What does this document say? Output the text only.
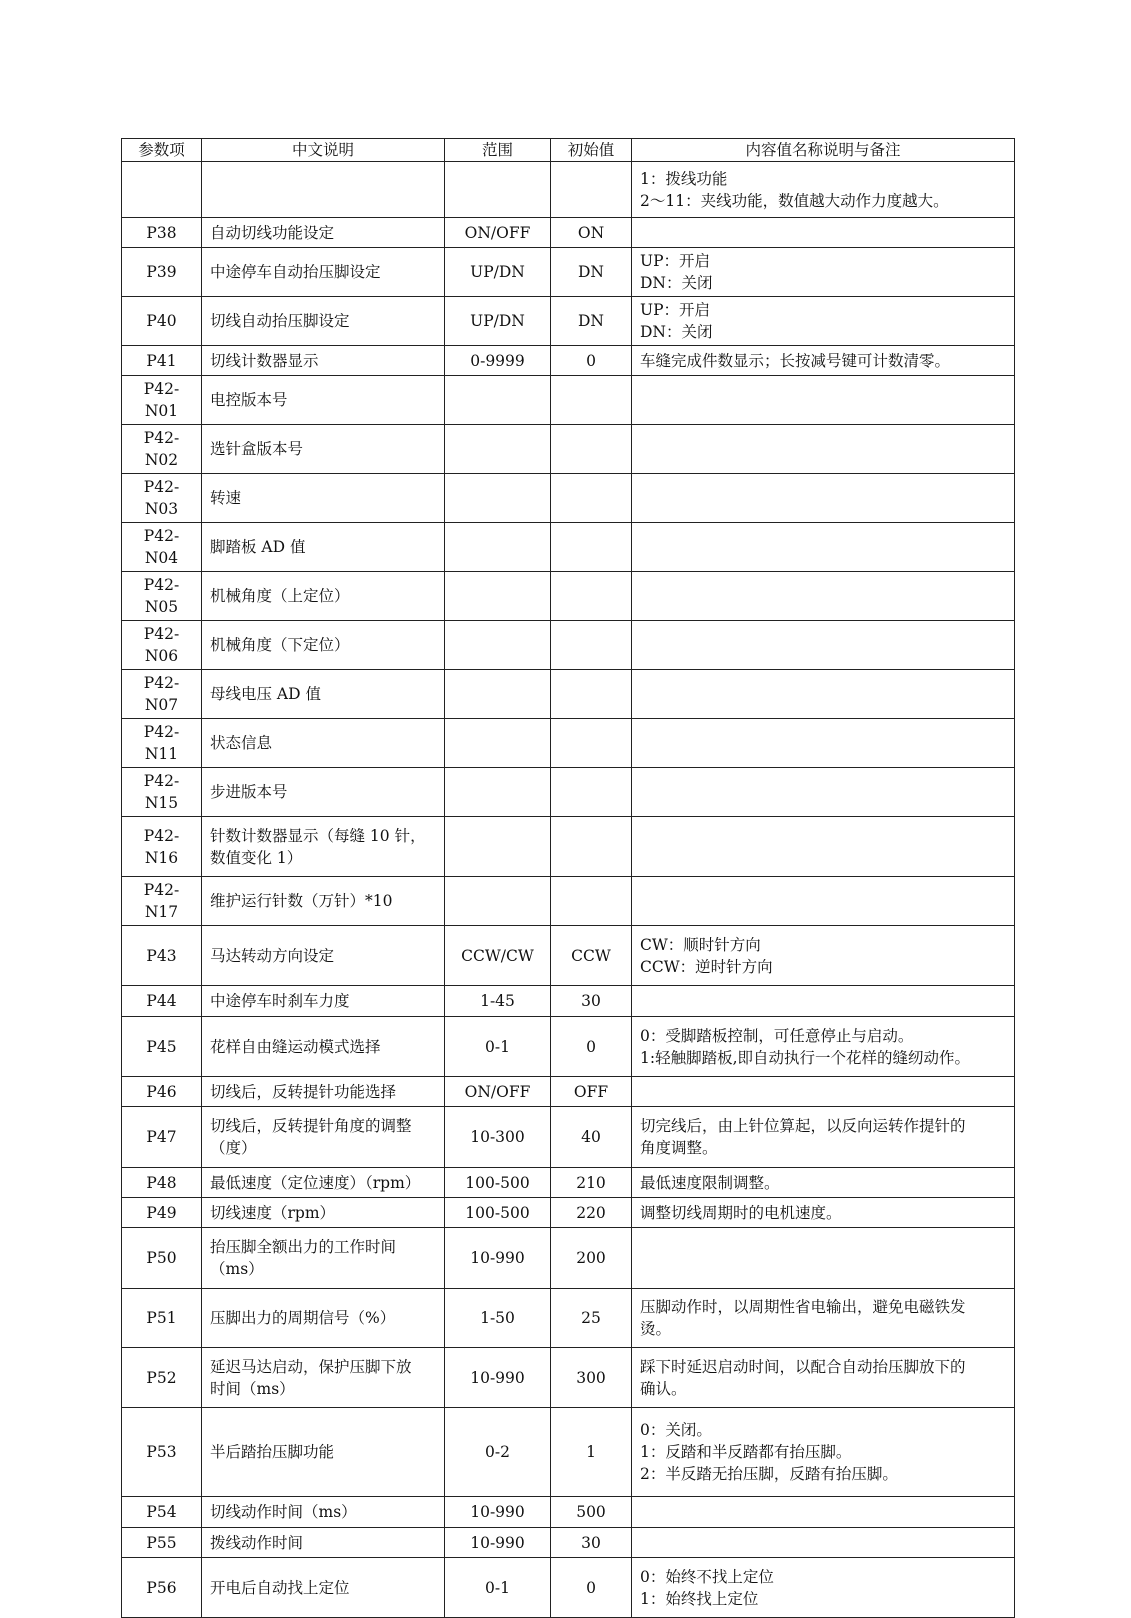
参数项	中文说明	范围	初始值	内容值名称说明与备注

				1：拨线功能
2～11：夹线功能，数值越大动作力度越大。

P38	自动切线功能设定	ON/OFF	ON	
P39	中途停车自动抬压脚设定	UP/DN	DN	UP：开启
DN：关闭

P40	切线自动抬压脚设定	UP/DN	DN	UP：开启
DN：关闭

P41	切线计数器显示	0-9999	0	车缝完成件数显示；长按减号键可计数清零。

P42-N01	电控版本号			

P42-N02	选针盒版本号			

P42-N03	转速			

P42-N04	脚踏板 AD 值			

P42-N05	机械角度（上定位）			

P42-N06	机械角度（下定位）			

P42-N07	母线电压 AD 值			

P42-N11	状态信息			

P42-N15	步进版本号			

P42-N16	针数计数器显示（每缝 10 针，
数值变化 1）			

P42-N17	维护运行针数（万针）*10			

P43	马达转动方向设定	CCW/CW	CCW	CW：顺时针方向
CCW：逆时针方向

P44	中途停车时刹车力度	1-45	30	
P45	花样自由缝运动模式选择	0-1	0	0：受脚踏板控制，可任意停止与启动。
1:轻触脚踏板,即自动执行一个花样的缝纫动作。

P46	切线后，反转提针功能选择	ON/OFF	OFF	
P47	切线后，反转提针角度的调整
（度）	10-300	40	切完线后，由上针位算起，以反向运转作提针的
角度调整。

P48	最低速度（定位速度）（rpm）	100-500	210	最低速度限制调整。

P49	切线速度（rpm）	100-500	220	调整切线周期时的电机速度。

P50	抬压脚全额出力的工作时间
（ms）	10-990	200	
P51	压脚出力的周期信号（%）	1-50	25	压脚动作时，以周期性省电输出，避免电磁铁发
烫。

P52	延迟马达启动，保护压脚下放
时间（ms）	10-990	300	踩下时延迟启动时间，以配合自动抬压脚放下的
确认。

P53	半后踏抬压脚功能	0-2	1	0：关闭。
1：反踏和半反踏都有抬压脚。
2：半反踏无抬压脚，反踏有抬压脚。

P54	切线动作时间（ms）	10-990	500	
P55	拨线动作时间	10-990	30	
P56	开电后自动找上定位	0-1	0	0：始终不找上定位
1：始终找上定位
